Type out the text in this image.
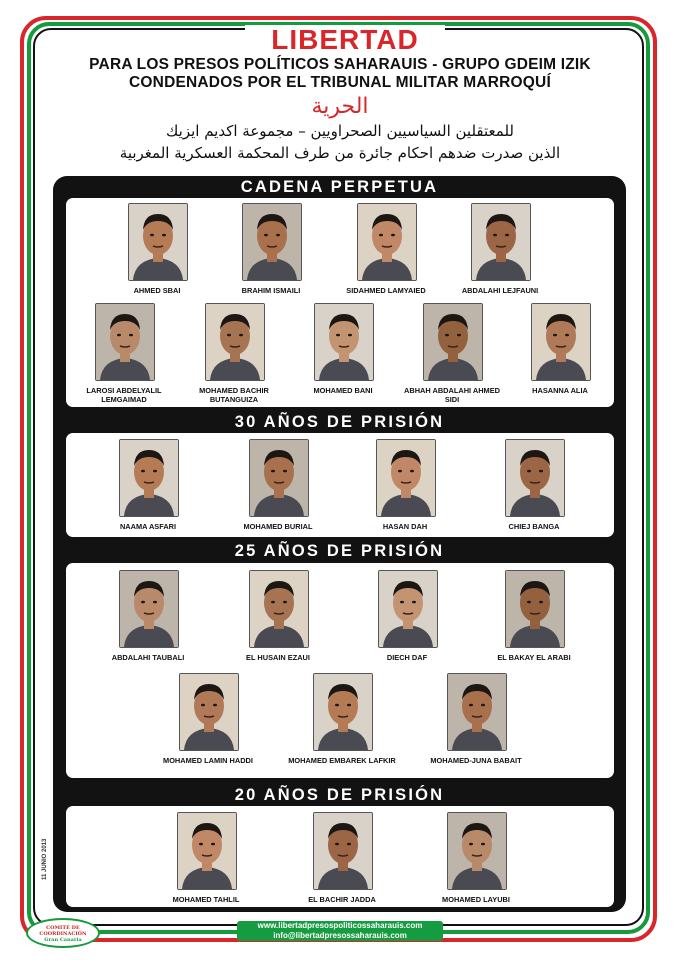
LIBERTAD
PARA LOS PRESOS POLÍTICOS SAHARAUIS - GRUPO GDEIM IZIK
CONDENADOS POR EL TRIBUNAL MILITAR MARROQUÍ
الحرية
للمعتقلين السياسيين الصحراويين – مجموعة اكديم ايزيك
الذين صدرت ضدهم احكام جائرة من طرف المحكمة العسكرية المغربية
CADENA PERPETUA
30 AÑOS DE PRISIÓN
25 AÑOS DE PRISIÓN
20 AÑOS DE PRISIÓN
AHMED SBAI	BRAHIM ISMAILI	SIDAHMED LAMYAIED	ABDALAHI LEJFAUNI
LAROSI ABDELYALIL LEMGAIMAD
MOHAMED BACHIR BUTANGUIZA
MOHAMED BANI	ABHAH ABDALAHI AHMED SIDI
HASANNA ALIA
NAAMA ASFARI	MOHAMED BURIAL	HASAN DAH	CHIEJ BANGA
ABDALAHI TAUBALI	EL HUSAIN EZAUI	DIECH DAF	EL BAKAY EL ARABI
MOHAMED LAMIN HADDI	MOHAMED EMBAREK LAFKIR	MOHAMED-JUNA BABAIT
MOHAMED TAHLIL	EL BACHIR JADDA	MOHAMED LAYUBI
11 JUNIO 2013
COMITÉ DE COORDINACIÓN
Gran Canaria
www.libertadpresospoliticossaharauis.com
info@libertadpresossaharauis.com
